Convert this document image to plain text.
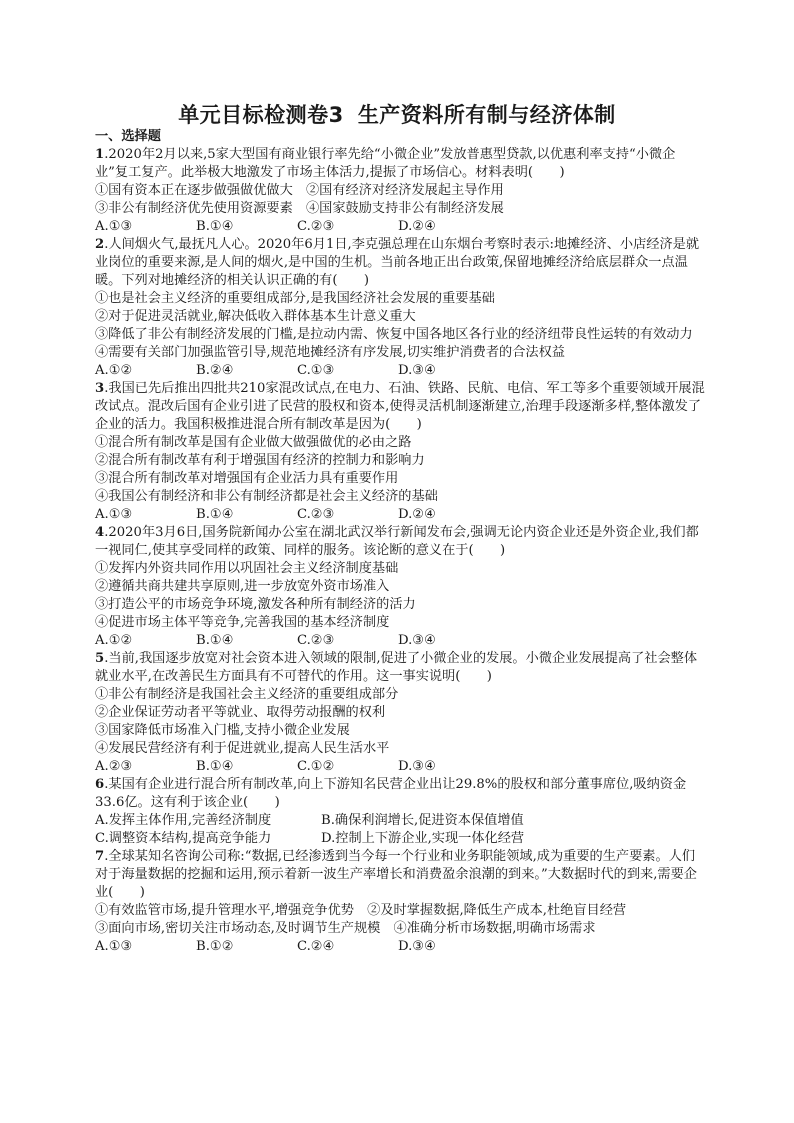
单元目标检测卷3 生产资料所有制与经济体制

一、选择题

1.2020年2月以来,5家大型国有商业银行率先给“小微企业”发放普惠型贷款,以优惠利率支持“小微企业”复工复产。此举极大地激发了市场主体活力,提振了市场信心。材料表明(　　)

①国有资本正在逐步做强做优做大　②国有经济对经济发展起主导作用

③非公有制经济优先使用资源要素　④国家鼓励支持非公有制经济发展

A.①③	B.①④	C.②③	D.②④

2.人间烟火气,最抚凡人心。2020年6月1日,李克强总理在山东烟台考察时表示:地摊经济、小店经济是就业岗位的重要来源,是人间的烟火,是中国的生机。当前各地正出台政策,保留地摊经济给底层群众一点温暖。下列对地摊经济的相关认识正确的有(　　)

①也是社会主义经济的重要组成部分,是我国经济社会发展的重要基础

②对于促进灵活就业,解决低收入群体基本生计意义重大

③降低了非公有制经济发展的门槛,是拉动内需、恢复中国各地区各行业的经济纽带良性运转的有效动力

④需要有关部门加强监管引导,规范地摊经济有序发展,切实维护消费者的合法权益

A.①②	B.②④	C.①③	D.③④

3.我国已先后推出四批共210家混改试点,在电力、石油、铁路、民航、电信、军工等多个重要领域开展混改试点。混改后国有企业引进了民营的股权和资本,使得灵活机制逐渐建立,治理手段逐渐多样,整体激发了企业的活力。我国积极推进混合所有制改革是因为(　　)

①混合所有制改革是国有企业做大做强做优的必由之路

②混合所有制改革有利于增强国有经济的控制力和影响力

③混合所有制改革对增强国有企业活力具有重要作用

④我国公有制经济和非公有制经济都是社会主义经济的基础

A.①③	B.①④	C.②③	D.②④

4.2020年3月6日,国务院新闻办公室在湖北武汉举行新闻发布会,强调无论内资企业还是外资企业,我们都一视同仁,使其享受同样的政策、同样的服务。该论断的意义在于(　　)

①发挥内外资共同作用以巩固社会主义经济制度基础

②遵循共商共建共享原则,进一步放宽外资市场准入

③打造公平的市场竞争环境,激发各种所有制经济的活力

④促进市场主体平等竞争,完善我国的基本经济制度

A.①②	B.①④	C.②③	D.③④

5.当前,我国逐步放宽对社会资本进入领域的限制,促进了小微企业的发展。小微企业发展提高了社会整体就业水平,在改善民生方面具有不可替代的作用。这一事实说明(　　)

①非公有制经济是我国社会主义经济的重要组成部分

②企业保证劳动者平等就业、取得劳动报酬的权利

③国家降低市场准入门槛,支持小微企业发展

④发展民营经济有利于促进就业,提高人民生活水平

A.②③	B.①④	C.①②	D.③④

6.某国有企业进行混合所有制改革,向上下游知名民营企业出让29.8%的股权和部分董事席位,吸纳资金33.6亿。这有利于该企业(　　)

A.发挥主体作用,完善经济制度	B.确保利润增长,促进资本保值增值

C.调整资本结构,提高竞争能力	D.控制上下游企业,实现一体化经营

7.全球某知名咨询公司称:“数据,已经渗透到当今每一个行业和业务职能领域,成为重要的生产要素。人们对于海量数据的挖掘和运用,预示着新一波生产率增长和消费盈余浪潮的到来。”大数据时代的到来,需要企业(　　)

①有效监管市场,提升管理水平,增强竞争优势　②及时掌握数据,降低生产成本,杜绝盲目经营

③面向市场,密切关注市场动态,及时调节生产规模　④准确分析市场数据,明确市场需求

A.①③	B.①②	C.②④	D.③④
